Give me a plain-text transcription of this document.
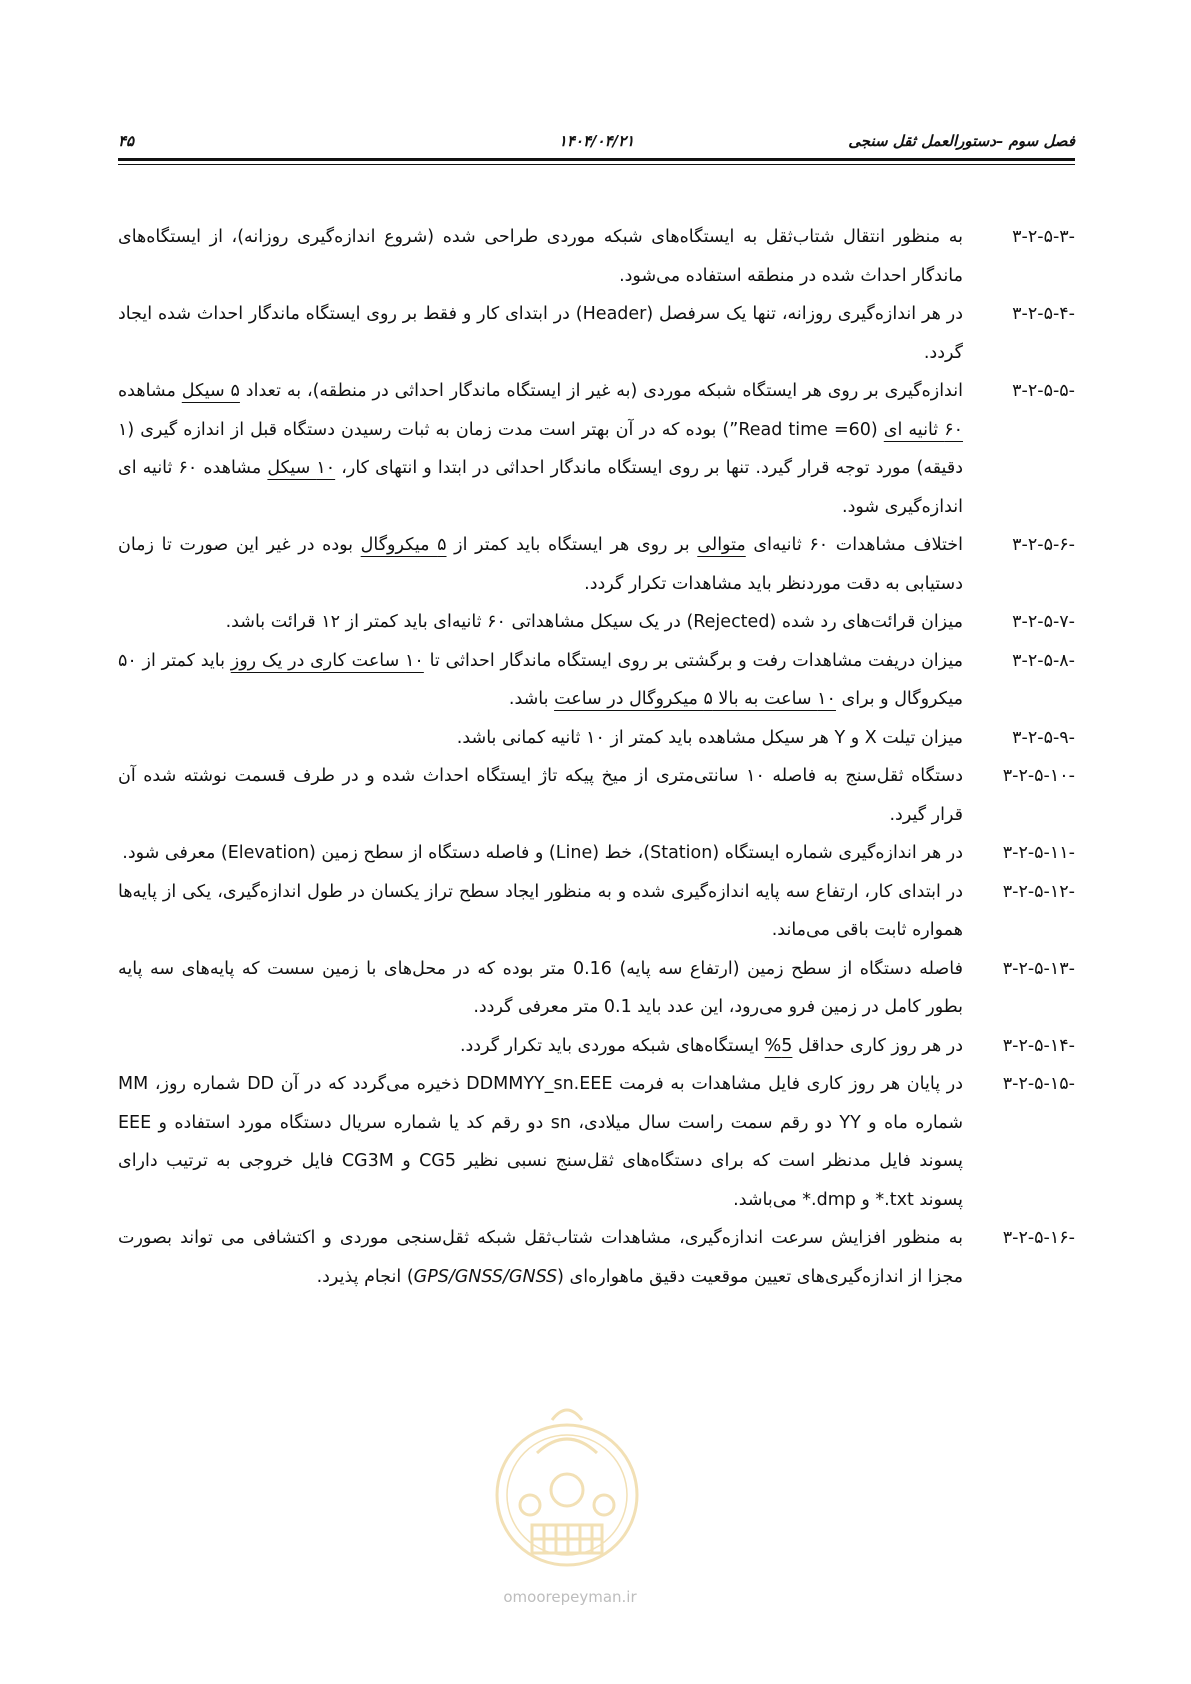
۴۵	۱۴۰۴/۰۴/۲۱	فصل سوم –دستورالعمل ثقل سنجی
به منظور انتقال شتاب‌ثقل به ایستگاه‌های شبکه موردی طراحی شده (شروع اندازه‌گیری روزانه)، از ایستگاه‌های ماندگار احداث شده در منطقه استفاده می‌شود.
۳-۲-۵-۳-
در هر اندازه‌گیری روزانه، تنها یک سرفصل (Header) در ابتدای کار و فقط بر روی ایستگاه ماندگار احداث شده ایجاد گردد.
۳-۲-۵-۴-
اندازه‌گیری بر روی هر ایستگاه شبکه موردی (به غیر از ایستگاه ماندگار احداثی در منطقه)، به تعداد ۵ سیکل مشاهده ۶۰ ثانیه ای (Read time =60”) بوده که در آن بهتر است مدت زمان به ثبات رسیدن دستگاه قبل از اندازه گیری (۱ دقیقه) مورد توجه قرار گیرد. تنها بر روی ایستگاه ماندگار احداثی در ابتدا و انتهای کار، ۱۰ سیکل مشاهده ۶۰ ثانیه ای اندازه‌گیری شود.
۳-۲-۵-۵-
اختلاف مشاهدات ۶۰ ثانیه‌ای متوالی بر روی هر ایستگاه باید کمتر از ۵ میکروگال بوده در غیر این صورت تا زمان دستیابی به دقت موردنظر باید مشاهدات تکرار گردد.
۳-۲-۵-۶-
میزان قرائت‌های رد شده (Rejected) در یک سیکل مشاهداتی ۶۰ ثانیه‌ای باید کمتر از ۱۲ قرائت باشد.	۳-۲-۵-۷-
میزان دریفت مشاهدات رفت و برگشتی بر روی ایستگاه ماندگار احداثی تا ۱۰ ساعت کاری در یک روز باید کمتر از ۵۰ میکروگال و برای ۱۰ ساعت به بالا ۵ میکروگال در ساعت باشد.
۳-۲-۵-۸-
میزان تیلت X و Y هر سیکل مشاهده باید کمتر از ۱۰ ثانیه کمانی باشد.	۳-۲-۵-۹-
دستگاه ثقل‌سنج به فاصله ۱۰ سانتی‌متری از میخ پیکه تاژ ایستگاه احداث شده و در طرف قسمت نوشته شده آن قرار گیرد.
۳-۲-۵-۱۰-
در هر اندازه‌گیری شماره ایستگاه (Station)، خط (Line) و فاصله دستگاه از سطح زمین (Elevation) معرفی شود.	۳-۲-۵-۱۱-
در ابتدای کار، ارتفاع سه پایه اندازه‌گیری شده و به منظور ایجاد سطح تراز یکسان در طول اندازه‌گیری، یکی از پایه‌ها همواره ثابت باقی می‌ماند.
۳-۲-۵-۱۲-
فاصله دستگاه از سطح زمین (ارتفاع سه پایه) 0.16 متر بوده که در محل‌های با زمین سست که پایه‌های سه پایه بطور کامل در زمین فرو می‌رود، این عدد باید 0.1 متر معرفی گردد.
۳-۲-۵-۱۳-
در هر روز کاری حداقل 5% ایستگاه‌های شبکه موردی باید تکرار گردد.	۳-۲-۵-۱۴-
در پایان هر روز کاری فایل مشاهدات به فرمت DDMMYY_sn.EEE ذخیره می‌گردد که در آن DD شماره روز، MM شماره ماه و YY دو رقم سمت راست سال میلادی، sn دو رقم کد یا شماره سریال دستگاه مورد استفاده و EEE پسوند فایل مدنظر است که برای دستگاه‌های ثقل‌سنج نسبی نظیر CG5 و CG3M فایل خروجی به ترتیب دارای پسوند txt.* و dmp.* می‌باشد.
۳-۲-۵-۱۵-
به منظور افزایش سرعت اندازه‌گیری، مشاهدات شتاب‌ثقل شبکه ثقل‌سنجی موردی و اکتشافی می تواند بصورت مجزا از اندازه‌گیری‌های تعیین موقعیت دقیق ماهواره‌ای (GPS/GNSS/GNSS) انجام پذیرد.
۳-۲-۵-۱۶-
omoorepeyman.ir
